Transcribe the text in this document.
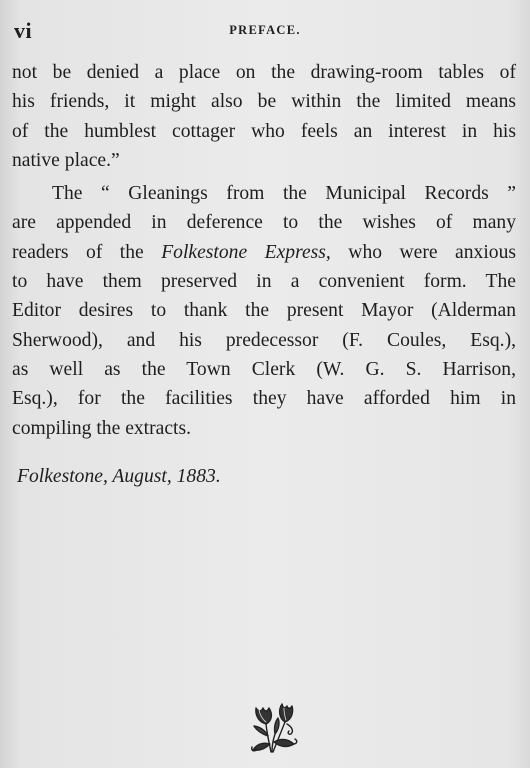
vi	PREFACE.

not be denied a place on the drawing-room tables of
his friends, it might also be within the limited means
of the humblest cottager who feels an interest in his
native place.”

The “ Gleanings from the Municipal Records ”
are appended in deference to the wishes of many
readers of the Folkestone Express, who were anxious
to have them preserved in a convenient form. The
Editor desires to thank the present Mayor (Alderman
Sherwood), and his predecessor (F. Coules, Esq.),
as well as the Town Clerk (W. G. S. Harrison,
Esq.), for the facilities they have afforded him in
compiling the extracts.

Folkestone, August, 1883.
